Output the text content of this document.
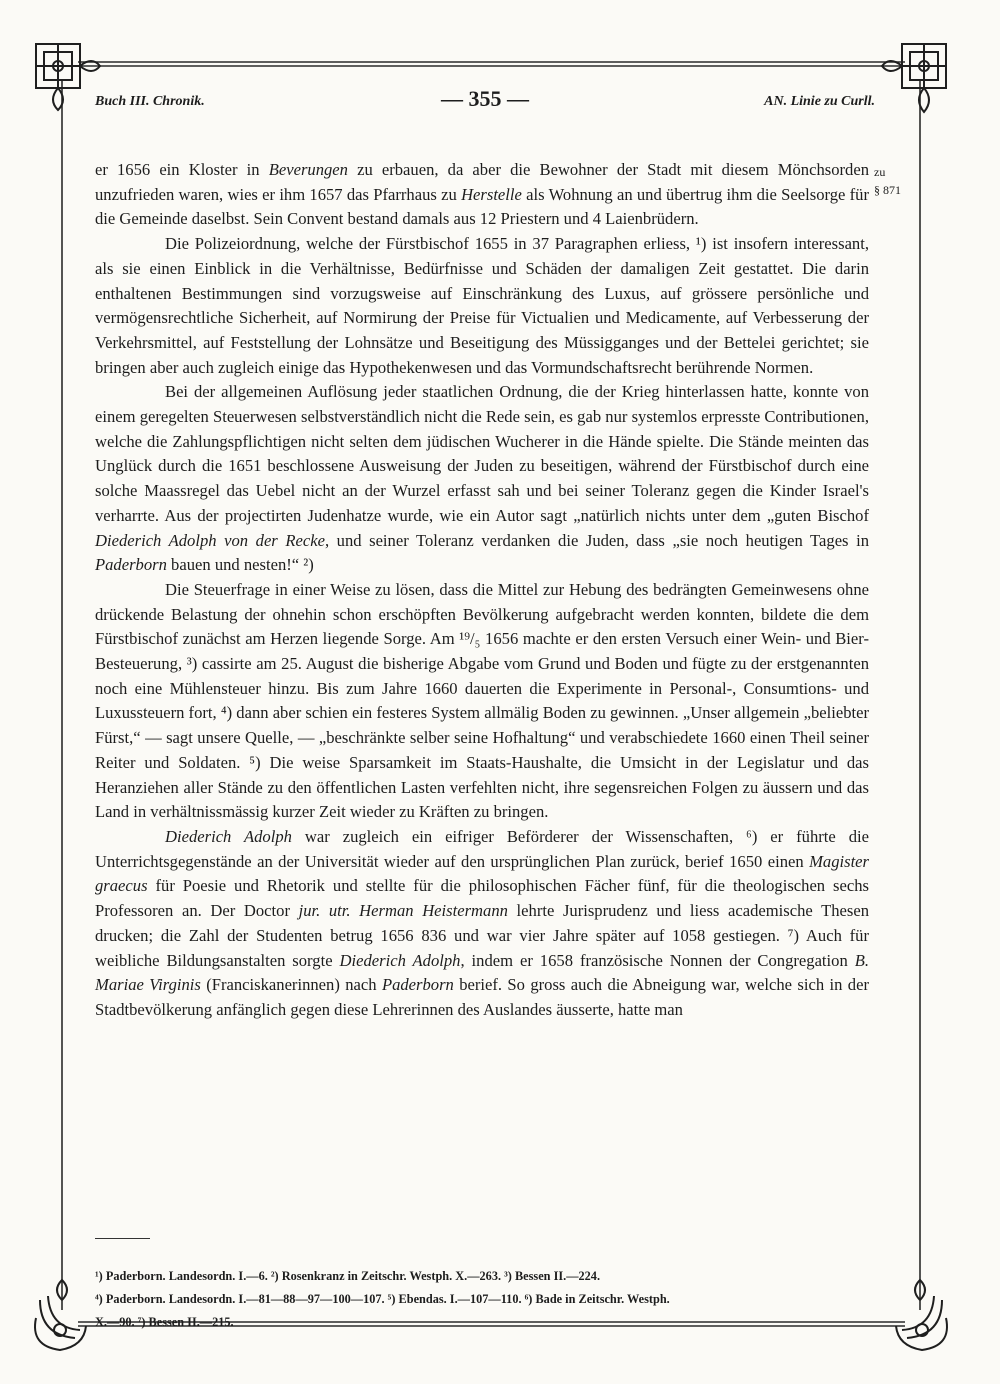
Buch III. Chronik.	— 355 —	AN. Linie zu Curll.
zu
§ 871

er 1656 ein Kloster in Beverungen zu erbauen, da aber die Bewohner der Stadt mit diesem Mönchsorden unzufrieden waren, wies er ihm 1657 das Pfarrhaus zu Herstelle als Wohnung an und übertrug ihm die Seelsorge für die Gemeinde daselbst. Sein Convent bestand damals aus 12 Priestern und 4 Laienbrüdern.

Die Polizeiordnung, welche der Fürstbischof 1655 in 37 Paragraphen erliess, ¹) ist insofern interessant, als sie einen Einblick in die Verhältnisse, Bedürfnisse und Schäden der damaligen Zeit gestattet. Die darin enthaltenen Bestimmungen sind vorzugsweise auf Einschränkung des Luxus, auf grössere persönliche und vermögensrechtliche Sicherheit, auf Normirung der Preise für Victualien und Medicamente, auf Verbesserung der Verkehrsmittel, auf Feststellung der Lohnsätze und Beseitigung des Müssigganges und der Bettelei gerichtet; sie bringen aber auch zugleich einige das Hypothekenwesen und das Vormundschaftsrecht berührende Normen.

Bei der allgemeinen Auflösung jeder staatlichen Ordnung, die der Krieg hinterlassen hatte, konnte von einem geregelten Steuerwesen selbstverständlich nicht die Rede sein, es gab nur systemlos erpresste Contributionen, welche die Zahlungspflichtigen nicht selten dem jüdischen Wucherer in die Hände spielte. Die Stände meinten das Unglück durch die 1651 beschlossene Ausweisung der Juden zu beseitigen, während der Fürstbischof durch eine solche Maassregel das Uebel nicht an der Wurzel erfasst sah und bei seiner Toleranz gegen die Kinder Israel's verharrte. Aus der projectirten Judenhatze wurde, wie ein Autor sagt „natürlich nichts unter dem „guten Bischof Diederich Adolph von der Recke, und seiner Toleranz verdanken die Juden, dass „sie noch heutigen Tages in Paderborn bauen und nesten!“ ²)

Die Steuerfrage in einer Weise zu lösen, dass die Mittel zur Hebung des bedrängten Gemeinwesens ohne drückende Belastung der ohnehin schon erschöpften Bevölkerung aufgebracht werden konnten, bildete die dem Fürstbischof zunächst am Herzen liegende Sorge. Am ¹⁹/₅ 1656 machte er den ersten Versuch einer Wein- und Bier-Besteuerung, ³) cassirte am 25. August die bisherige Abgabe vom Grund und Boden und fügte zu der erstgenannten noch eine Mühlensteuer hinzu. Bis zum Jahre 1660 dauerten die Experimente in Personal-, Consumtions- und Luxussteuern fort, ⁴) dann aber schien ein festeres System allmälig Boden zu gewinnen. „Unser allgemein „beliebter Fürst,“ — sagt unsere Quelle, — „beschränkte selber seine Hofhaltung“ und verabschiedete 1660 einen Theil seiner Reiter und Soldaten. ⁵) Die weise Sparsamkeit im Staats-Haushalte, die Umsicht in der Legislatur und das Heranziehen aller Stände zu den öffentlichen Lasten verfehlten nicht, ihre segensreichen Folgen zu äussern und das Land in verhältnissmässig kurzer Zeit wieder zu Kräften zu bringen.

Diederich Adolph war zugleich ein eifriger Beförderer der Wissenschaften, ⁶) er führte die Unterrichtsgegenstände an der Universität wieder auf den ursprünglichen Plan zurück, berief 1650 einen Magister graecus für Poesie und Rhetorik und stellte für die philosophischen Fächer fünf, für die theologischen sechs Professoren an. Der Doctor jur. utr. Herman Heistermann lehrte Jurisprudenz und liess academische Thesen drucken; die Zahl der Studenten betrug 1656 836 und war vier Jahre später auf 1058 gestiegen. ⁷) Auch für weibliche Bildungsanstalten sorgte Diederich Adolph, indem er 1658 französische Nonnen der Congregation B. Mariae Virginis (Franciskanerinnen) nach Paderborn berief. So gross auch die Abneigung war, welche sich in der Stadtbevölkerung anfänglich gegen diese Lehrerinnen des Auslandes äusserte, hatte man

¹) Paderborn. Landesordn. I.—6. ²) Rosenkranz in Zeitschr. Westph. X.—263. ³) Bessen II.—224.
⁴) Paderborn. Landesordn. I.—81—88—97—100—107. ⁵) Ebendas. I.—107—110. ⁶) Bade in Zeitschr. Westph.
X.—90. ⁷) Bessen II.—215.
